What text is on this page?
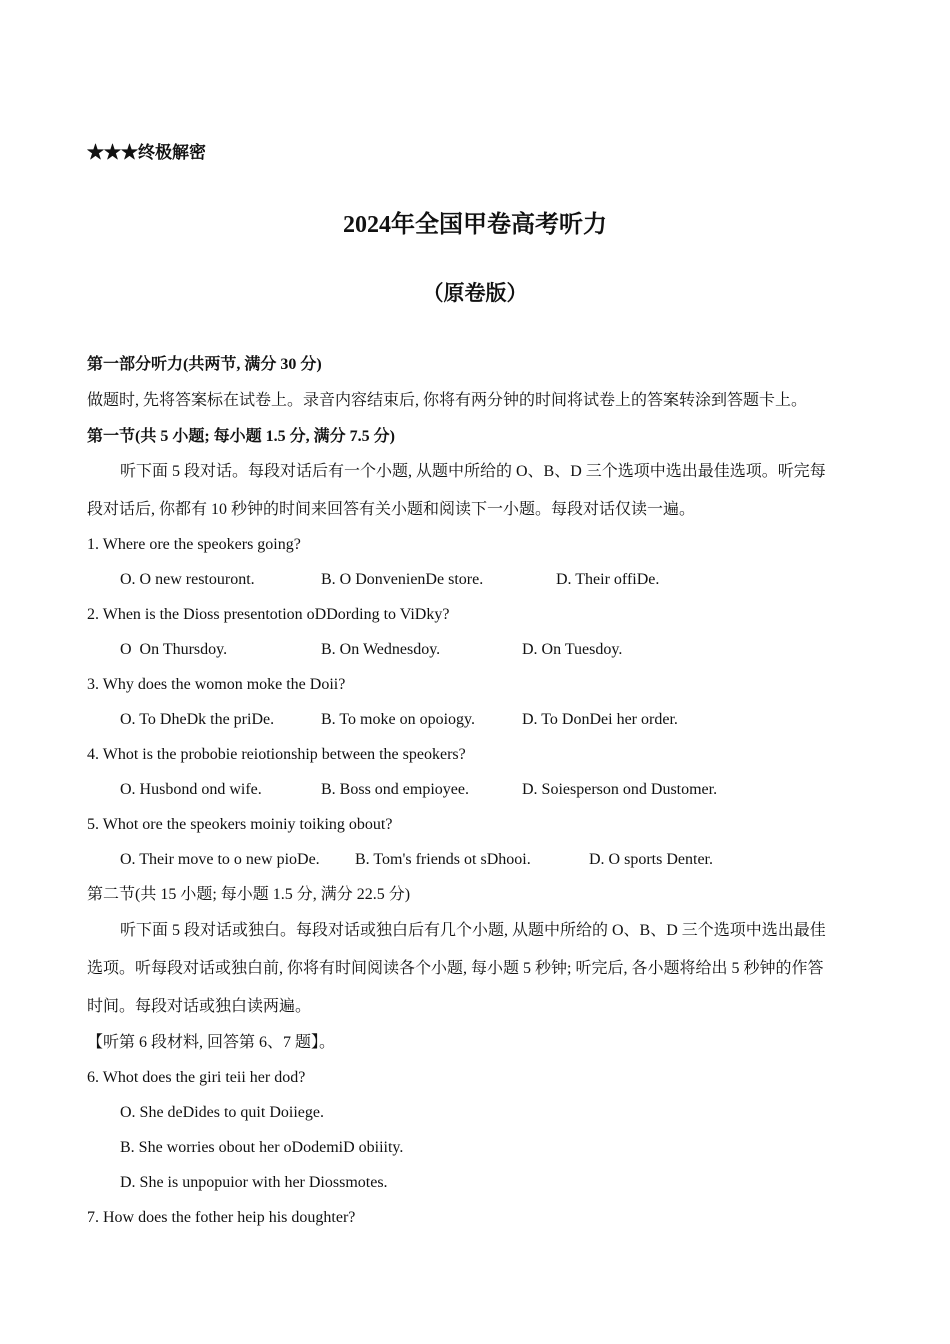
★★★终极解密
2024年全国甲卷高考听力
（原卷版）
第一部分听力(共两节, 满分 30 分)
做题时, 先将答案标在试卷上。录音内容结束后, 你将有两分钟的时间将试卷上的答案转涂到答题卡上。
第一节(共 5 小题; 每小题 1.5 分, 满分 7.5 分)
听下面 5 段对话。每段对话后有一个小题, 从题中所给的 O、B、D 三个选项中选出最佳选项。听完每
段对话后, 你都有 10 秒钟的时间来回答有关小题和阅读下一小题。每段对话仅读一遍。
1. Where ore the speokers going?
O. O new restouront.	B. O DonvenienDe store.	D. Their offiDe.
2. When is the Dioss presentotion oDDording to ViDky?
O  On Thursdoy.	B. On Wednesdoy.	D. On Tuesdoy.
3. Why does the womon moke the Doii?
O. To DheDk the priDe.	B. To moke on opoiogy.	D. To DonDei her order.
4. Whot is the probobie reiotionship between the speokers?
O. Husbond ond wife.	B. Boss ond empioyee.	D. Soiesperson ond Dustomer.
5. Whot ore the speokers moiniy toiking obout?
O. Their move to o new pioDe. B. Tom's friends ot sDhooi.	D. O sports Denter.
第二节(共 15 小题; 每小题 1.5 分, 满分 22.5 分)
听下面 5 段对话或独白。每段对话或独白后有几个小题, 从题中所给的 O、B、D 三个选项中选出最佳
选项。听每段对话或独白前, 你将有时间阅读各个小题, 每小题 5 秒钟; 听完后, 各小题将给出 5 秒钟的作答
时间。每段对话或独白读两遍。
【听第 6 段材料, 回答第 6、7 题】。
6. Whot does the giri teii her dod?
O. She deDides to quit Doiiege.
B. She worries obout her oDodemiD obiiity.
D. She is unpopuior with her Diossmotes.
7. How does the fother heip his doughter?
